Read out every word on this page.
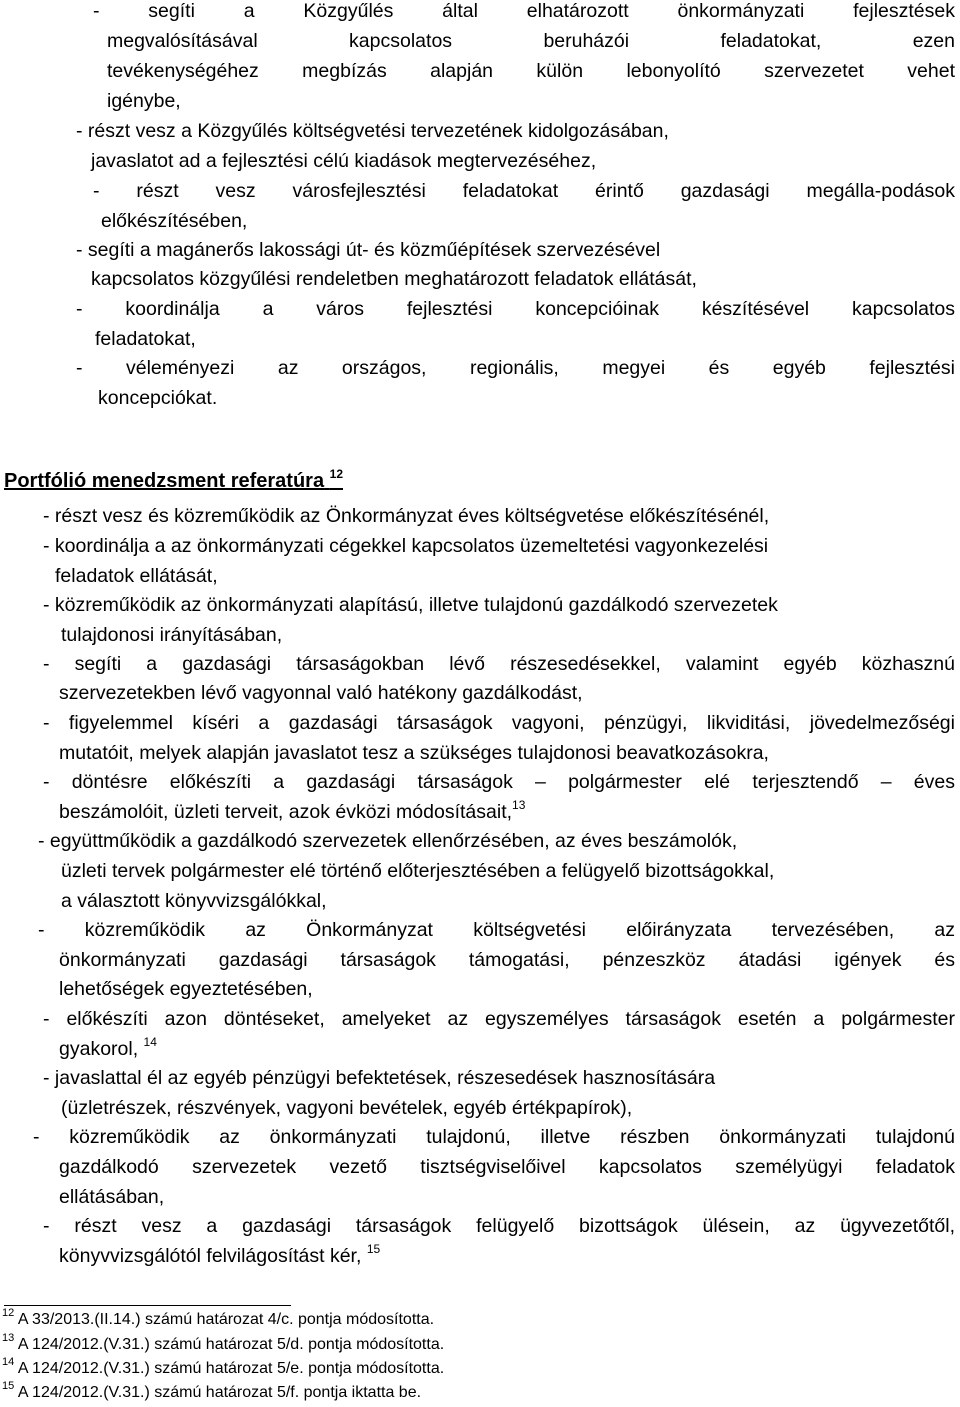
- segíti a Közgyűlés által elhatározott önkormányzati fejlesztések
megvalósításával kapcsolatos beruházói feladatokat, ezen
tevékenységéhez megbízás alapján külön lebonyolító szervezetet vehet
igénybe,
- részt vesz a Közgyűlés költségvetési tervezetének kidolgozásában,
javaslatot ad a fejlesztési célú kiadások megtervezéséhez,
- részt vesz városfejlesztési feladatokat érintő gazdasági megálla-podások
előkészítésében,
- segíti a magánerős lakossági út- és közműépítések szervezésével
kapcsolatos közgyűlési rendeletben meghatározott feladatok ellátását,
- koordinálja a város fejlesztési koncepcióinak készítésével kapcsolatos
feladatokat,
- véleményezi az országos, regionális, megyei és egyéb fejlesztési
koncepciókat.
Portfólió menedzsment referatúra $^{12}$
- részt vesz és közreműködik az Önkormányzat éves költségvetése előkészítésénél,
- koordinálja a az önkormányzati cégekkel kapcsolatos üzemeltetési vagyonkezelési
feladatok ellátását,
- közreműködik az önkormányzati alapítású, illetve tulajdonú gazdálkodó szervezetek
tulajdonosi irányításában,
- segíti a gazdasági társaságokban lévő részesedésekkel, valamint egyéb közhasznú
szervezetekben lévő vagyonnal való hatékony gazdálkodást,
- figyelemmel kíséri a gazdasági társaságok vagyoni, pénzügyi, likviditási, jövedelmezőségi
mutatóit, melyek alapján javaslatot tesz a szükséges tulajdonosi beavatkozásokra,
- döntésre előkészíti a gazdasági társaságok – polgármester elé terjesztendő – éves
beszámolóit, üzleti terveit, azok évközi módosításait,$^{13}$
- együttműködik a gazdálkodó szervezetek ellenőrzésében, az éves beszámolók,
üzleti tervek polgármester elé történő előterjesztésében a felügyelő bizottságokkal,
a választott könyvvizsgálókkal,
- közreműködik az Önkormányzat költségvetési előirányzata tervezésében, az
önkormányzati gazdasági társaságok támogatási, pénzeszköz átadási igények és
lehetőségek egyeztetésében,
- előkészíti azon döntéseket, amelyeket az egyszemélyes társaságok esetén a polgármester
gyakorol, $^{14}$
- javaslattal él az egyéb pénzügyi befektetések, részesedések hasznosítására
(üzletrészek, részvények, vagyoni bevételek, egyéb értékpapírok),
- közreműködik az önkormányzati tulajdonú, illetve részben önkormányzati tulajdonú
gazdálkodó szervezetek vezető tisztségviselőivel kapcsolatos személyügyi feladatok
ellátásában,
- részt vesz a gazdasági társaságok felügyelő bizottságok ülésein, az ügyvezetőtől,
könyvvizsgálótól felvilágosítást kér, $^{15}$
$^{12}$ A 33/2013.(II.14.) számú határozat 4/c. pontja módosította.
$^{13}$ A 124/2012.(V.31.) számú határozat 5/d. pontja módosította.
$^{14}$ A 124/2012.(V.31.) számú határozat 5/e. pontja módosította.
$^{15}$ A 124/2012.(V.31.) számú határozat 5/f. pontja iktatta be.
